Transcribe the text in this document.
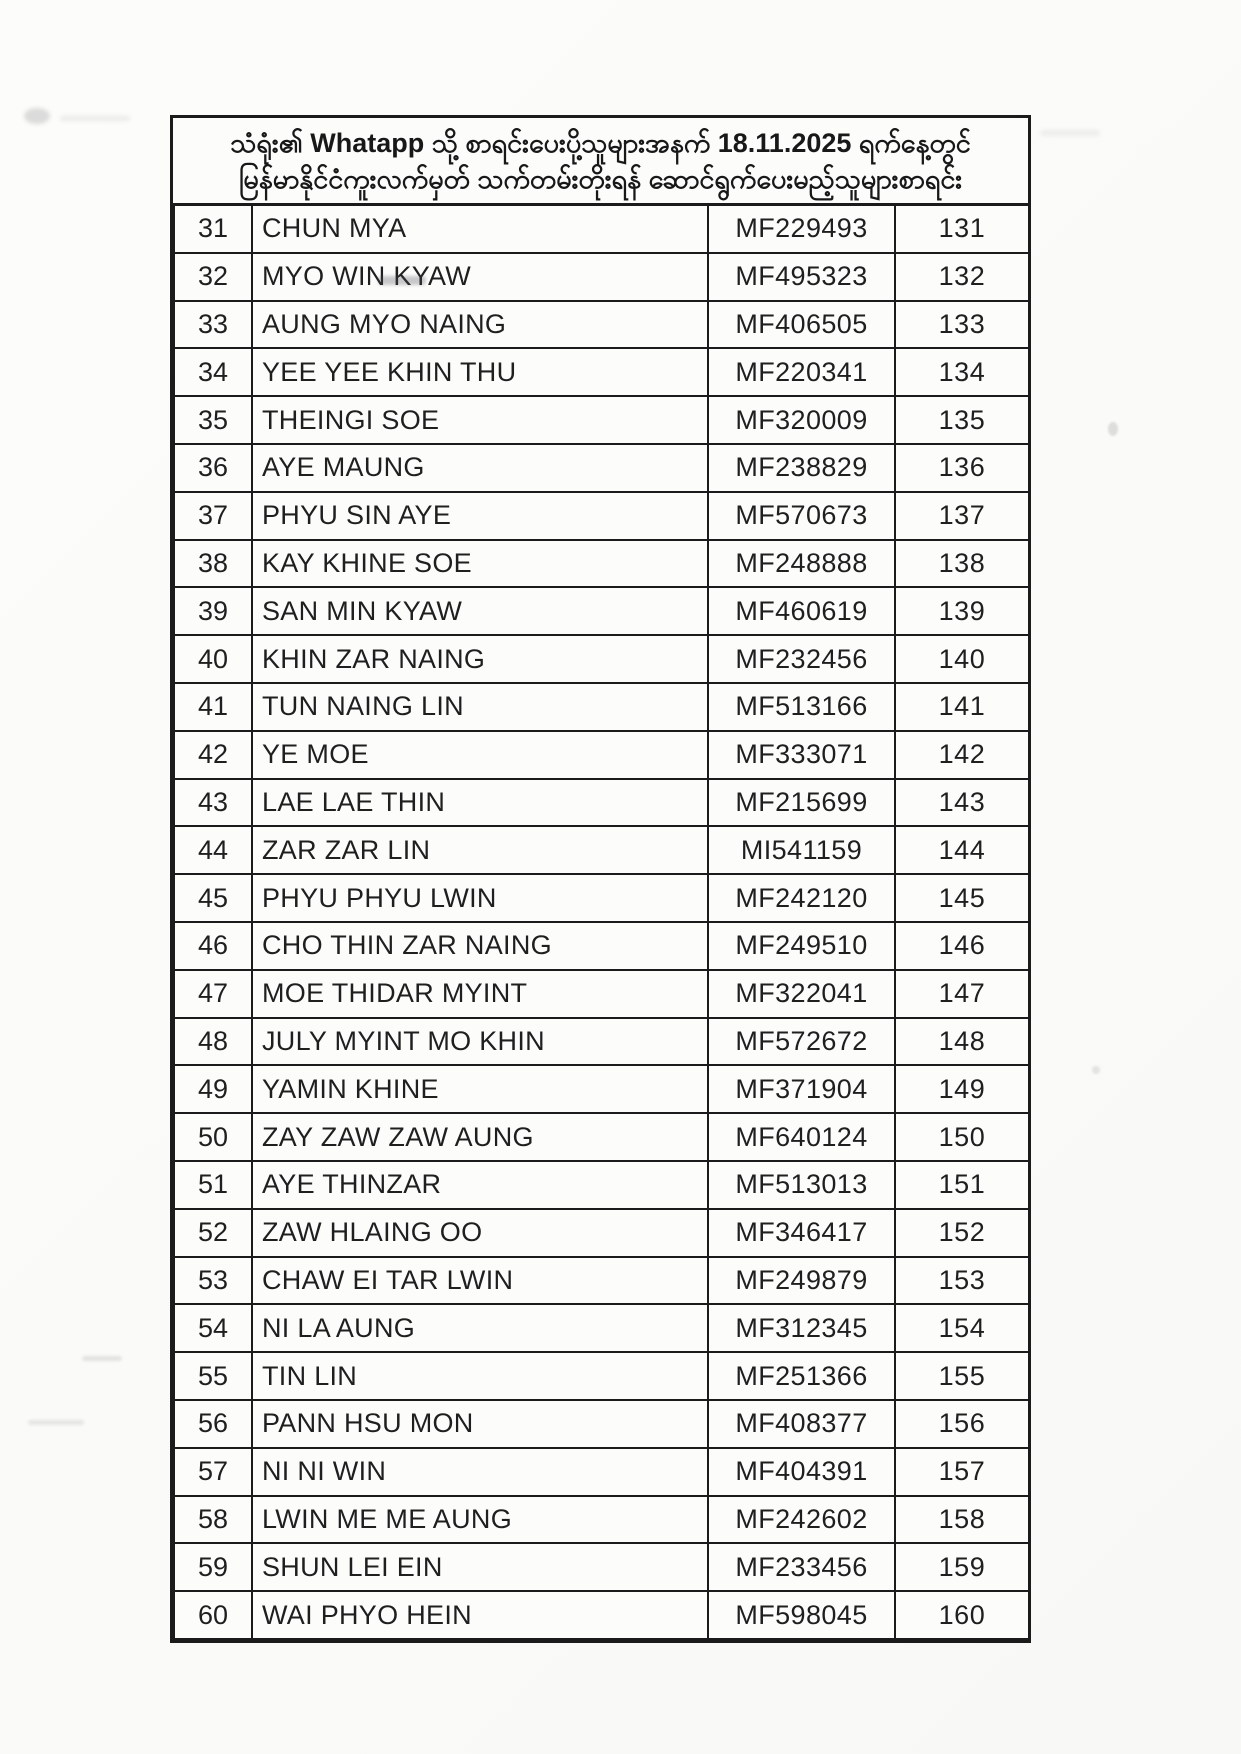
သံရုံး၏ Whatapp သို့ စာရင်းပေးပို့သူများအနက် 18.11.2025 ရက်နေ့တွင်
မြန်မာနိုင်ငံကူးလက်မှတ် သက်တမ်းတိုးရန် ဆောင်ရွက်ပေးမည့်သူများစာရင်း
31	CHUN MYA	MF229493	131
32	MYO WIN KYAW	MF495323	132
33	AUNG MYO NAING	MF406505	133
34	YEE YEE KHIN THU	MF220341	134
35	THEINGI SOE	MF320009	135
36	AYE MAUNG	MF238829	136
37	PHYU SIN AYE	MF570673	137
38	KAY KHINE SOE	MF248888	138
39	SAN MIN KYAW	MF460619	139
40	KHIN ZAR NAING	MF232456	140
41	TUN NAING LIN	MF513166	141
42	YE MOE	MF333071	142
43	LAE LAE THIN	MF215699	143
44	ZAR ZAR LIN	MI541159	144
45	PHYU PHYU LWIN	MF242120	145
46	CHO THIN ZAR NAING	MF249510	146
47	MOE THIDAR MYINT	MF322041	147
48	JULY MYINT MO KHIN	MF572672	148
49	YAMIN KHINE	MF371904	149
50	ZAY ZAW ZAW AUNG	MF640124	150
51	AYE THINZAR	MF513013	151
52	ZAW HLAING OO	MF346417	152
53	CHAW EI TAR LWIN	MF249879	153
54	NI LA AUNG	MF312345	154
55	TIN LIN	MF251366	155
56	PANN HSU MON	MF408377	156
57	NI NI WIN	MF404391	157
58	LWIN ME ME AUNG	MF242602	158
59	SHUN LEI EIN	MF233456	159
60	WAI PHYO HEIN	MF598045	160
